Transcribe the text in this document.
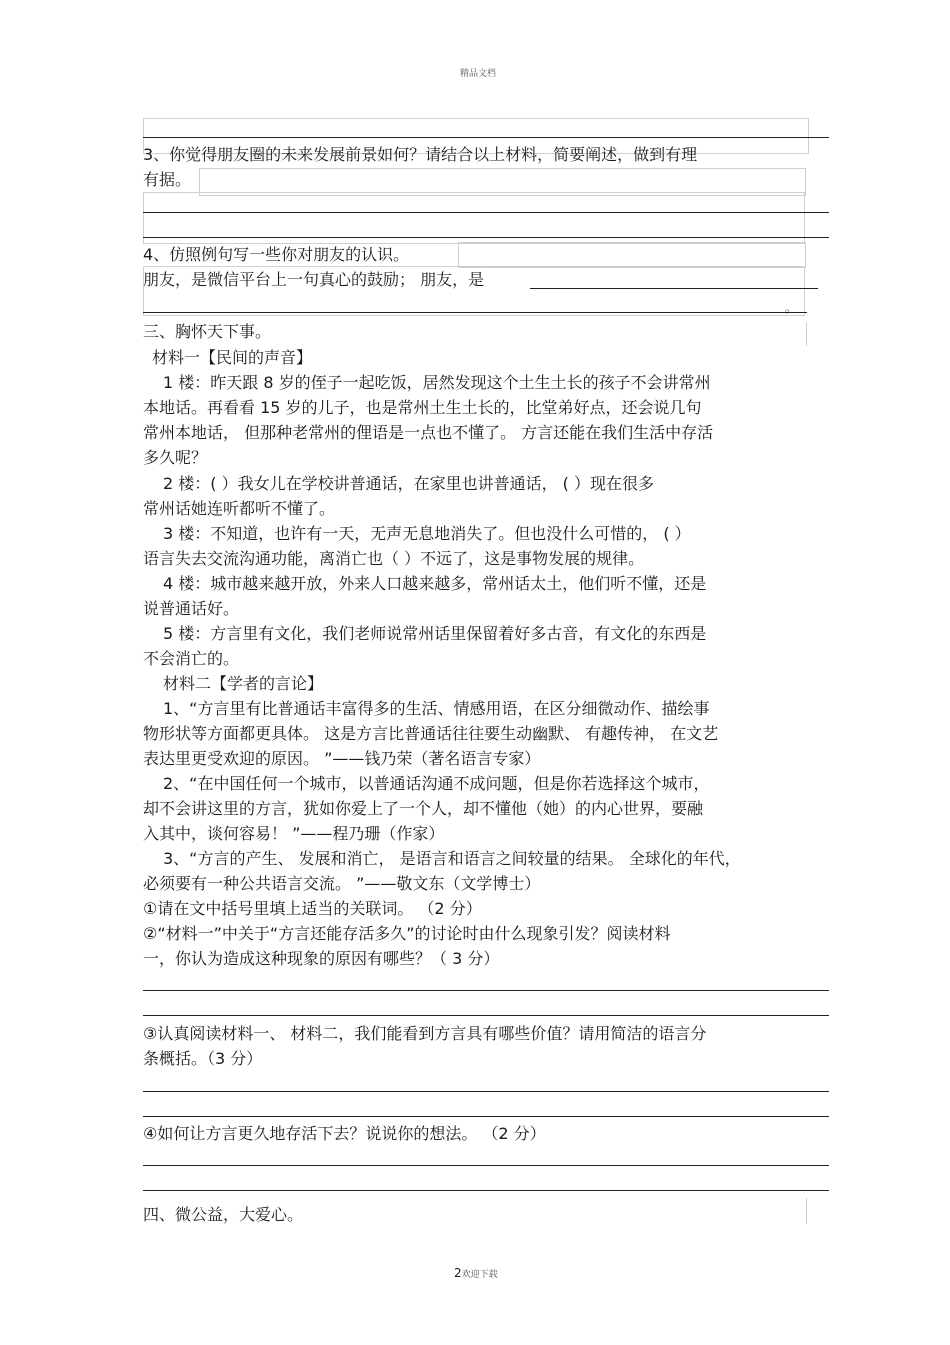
精品文档
2欢迎下载
3、你觉得朋友圈的未来发展前景如何？请结合以上材料，简要阐述，做到有理
有据。
4、仿照例句写一些你对朋友的认识。
朋友，是微信平台上一句真心的鼓励； 朋友，是
。
三、胸怀天下事。
材料一【民间的声音】
1 楼：昨天跟 8 岁的侄子一起吃饭，居然发现这个土生土长的孩子不会讲常州
本地话。再看看 15 岁的儿子，也是常州土生土长的，比堂弟好点，还会说几句
常州本地话， 但那种老常州的俚语是一点也不懂了。 方言还能在我们生活中存活
多久呢？
2 楼：( ）我女儿在学校讲普通话，在家里也讲普通话， ( ）现在很多
常州话她连听都听不懂了。
3 楼：不知道，也许有一天，无声无息地消失了。但也没什么可惜的， ( ）
语言失去交流沟通功能，离消亡也（ ）不远了，这是事物发展的规律。
4 楼：城市越来越开放，外来人口越来越多，常州话太土，他们听不懂，还是
说普通话好。
5 楼：方言里有文化，我们老师说常州话里保留着好多古音，有文化的东西是
不会消亡的。
材料二【学者的言论】
1、“方言里有比普通话丰富得多的生活、情感用语，在区分细微动作、描绘事
物形状等方面都更具体。 这是方言比普通话往往要生动幽默、 有趣传神， 在文艺
表达里更受欢迎的原因。 ”——钱乃荣（著名语言专家）
2、“在中国任何一个城市，以普通话沟通不成问题，但是你若选择这个城市，
却不会讲这里的方言，犹如你爱上了一个人，却不懂他（她）的内心世界，要融
入其中，谈何容易！ ”——程乃珊（作家）
3、“方言的产生、 发展和消亡， 是语言和语言之间较量的结果。 全球化的年代，
必须要有一种公共语言交流。 ”——敬文东（文学博士）
①请在文中括号里填上适当的关联词。 （2 分）
②“材料一”中关于“方言还能存活多久”的讨论时由什么现象引发？阅读材料
一，你认为造成这种现象的原因有哪些？（ 3 分）
③认真阅读材料一、 材料二，我们能看到方言具有哪些价值？请用简洁的语言分
条概括。（3 分）
④如何让方言更久地存活下去？说说你的想法。 （2 分）
四、微公益，大爱心。
